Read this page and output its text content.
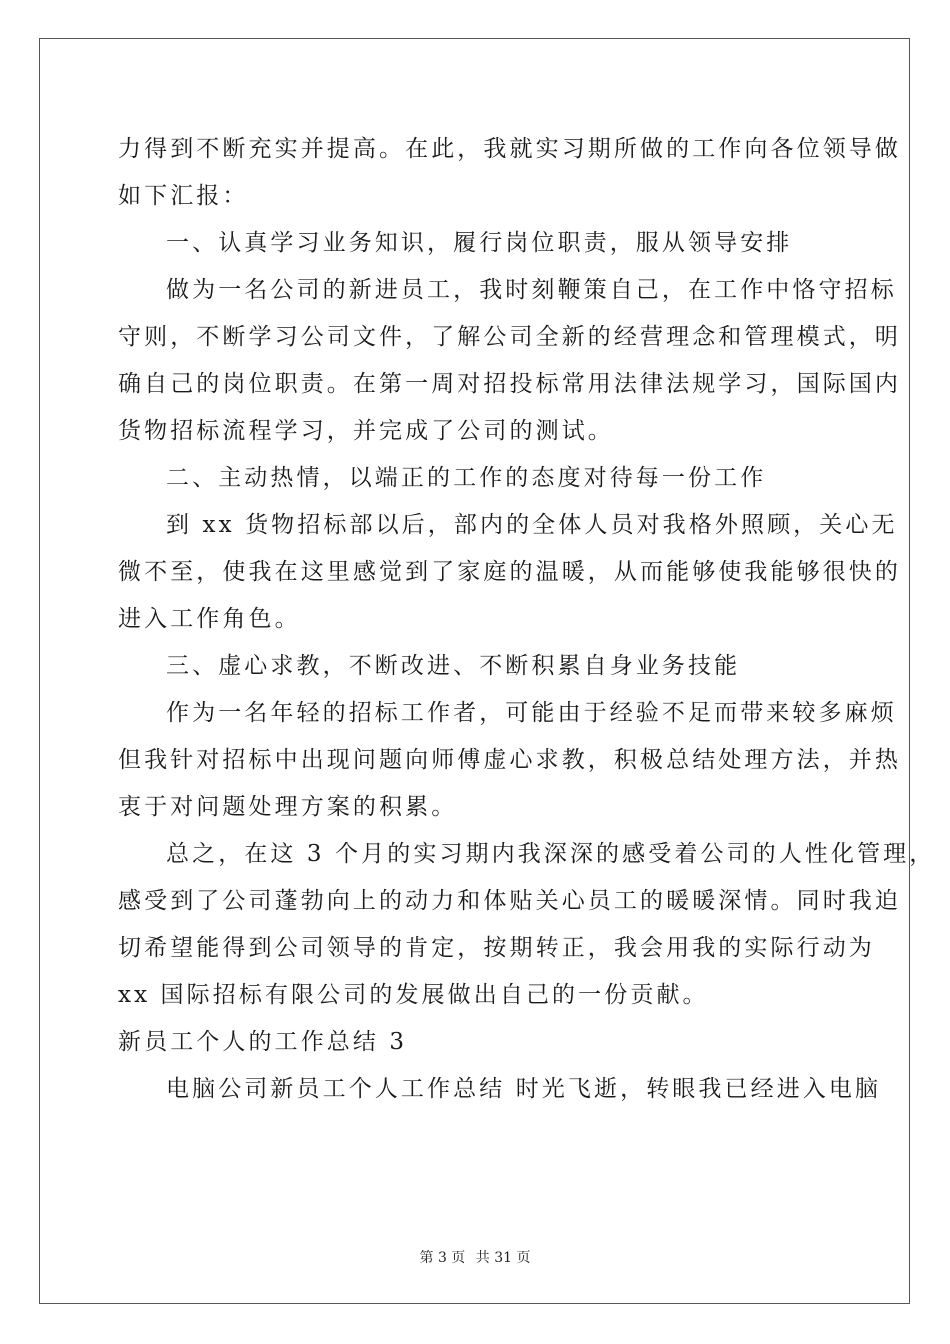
力得到不断充实并提高。在此，我就实习期所做的工作向各位领导做
如下汇报：
一、认真学习业务知识，履行岗位职责，服从领导安排
做为一名公司的新进员工，我时刻鞭策自己，在工作中恪守招标
守则，不断学习公司文件，了解公司全新的经营理念和管理模式，明
确自己的岗位职责。在第一周对招投标常用法律法规学习，国际国内
货物招标流程学习，并完成了公司的测试。
二、主动热情，以端正的工作的态度对待每一份工作
到 xx 货物招标部以后，部内的全体人员对我格外照顾，关心无
微不至，使我在这里感觉到了家庭的温暖，从而能够使我能够很快的
进入工作角色。
三、虚心求教，不断改进、不断积累自身业务技能
作为一名年轻的招标工作者，可能由于经验不足而带来较多麻烦
但我针对招标中出现问题向师傅虚心求教，积极总结处理方法，并热
衷于对问题处理方案的积累。
总之，在这 3 个月的实习期内我深深的感受着公司的人性化管理，
感受到了公司蓬勃向上的动力和体贴关心员工的暖暖深情。同时我迫
切希望能得到公司领导的肯定，按期转正，我会用我的实际行动为
xx 国际招标有限公司的发展做出自己的一份贡献。
新员工个人的工作总结 3
电脑公司新员工个人工作总结 时光飞逝，转眼我已经进入电脑
第 3 页 共 31 页
